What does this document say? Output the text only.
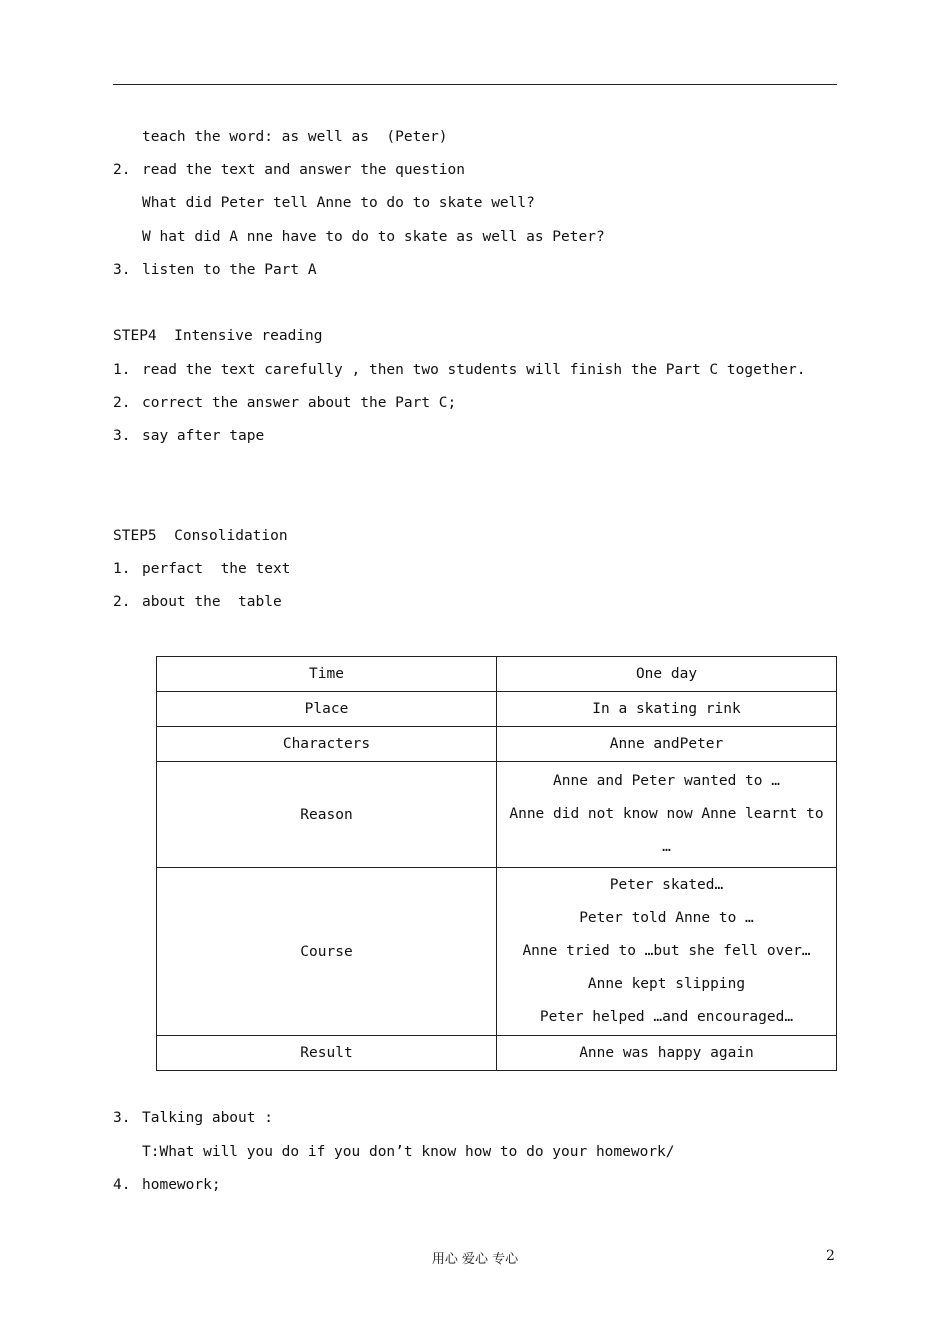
teach the word: as well as  (Peter)
2. read the text and answer the question
What did Peter tell Anne to do to skate well?
W hat did A nne have to do to skate as well as Peter?
3. listen to the Part A
STEP4  Intensive reading
1. read the text carefully , then two students will finish the Part C together.
2. correct the answer about the Part C;
3. say after tape
STEP5  Consolidation
1. perfact  the text
2. about the  table
Time	One day

Place	In a skating rink

Characters	Anne andPeter

Reason	Anne and Peter wanted to …
Anne did not know now Anne learnt to
…

Course	Peter skated…
Peter told Anne to …
Anne tried to …but she fell over…
Anne kept slipping
Peter helped …and encouraged…

Result	Anne was happy again
3. Talking about :
T:What will you do if you don’t know how to do your homework/
4. homework;
用心 爱心 专心	2
